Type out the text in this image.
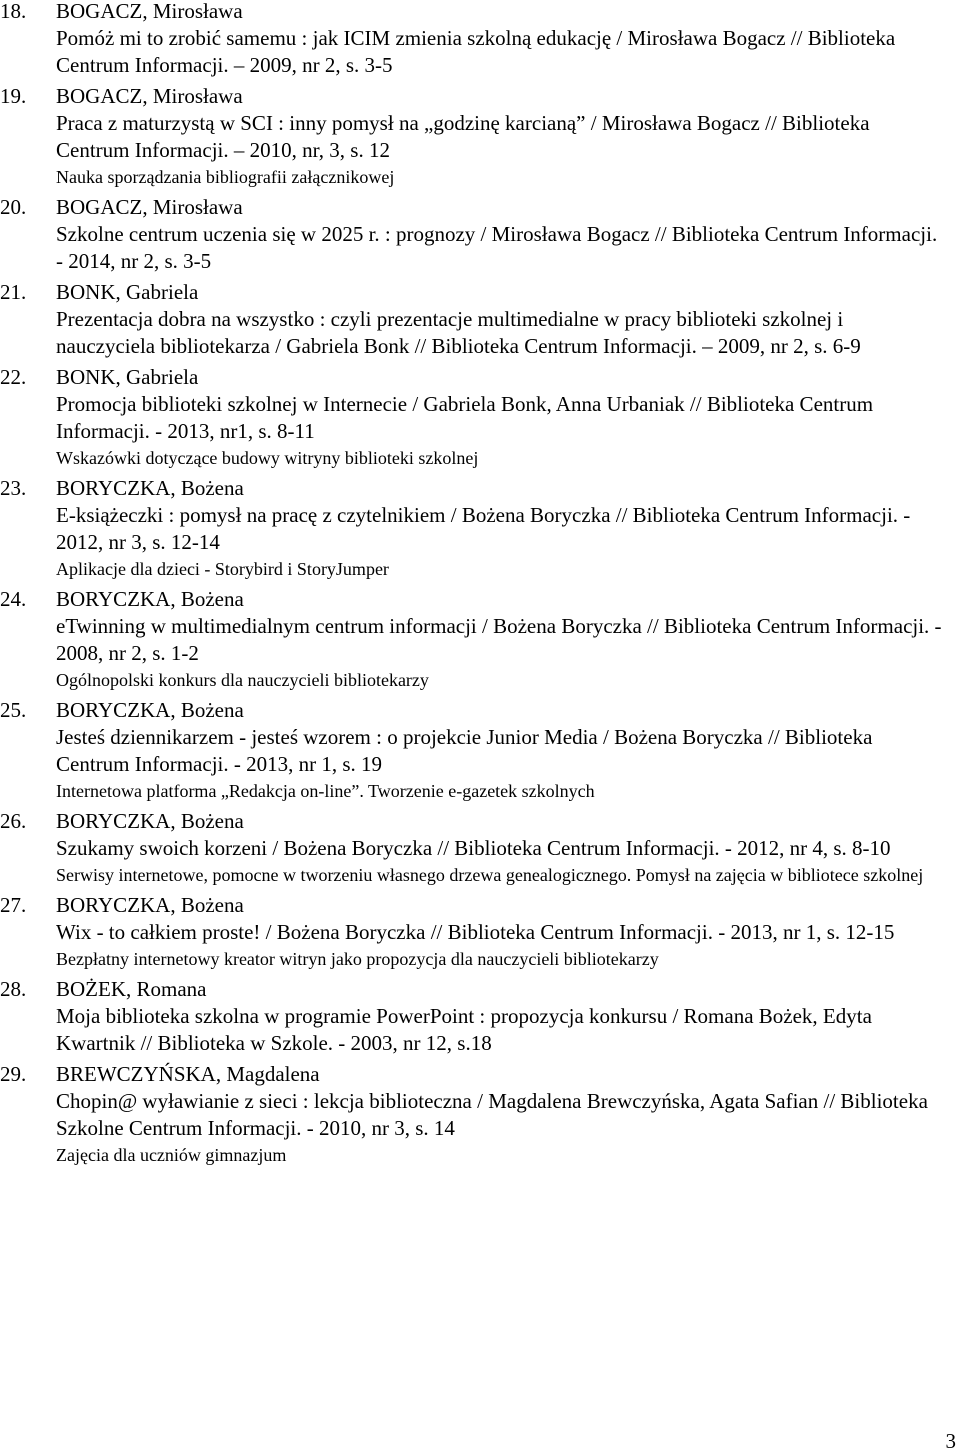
18.	BOGACZ, Mirosława
Pomóż mi to zrobić samemu : jak ICIM zmienia szkolną edukację / Mirosława Bogacz // Biblioteka Centrum Informacji. – 2009, nr 2, s. 3-5
19.	BOGACZ, Mirosława
Praca z maturzystą w SCI : inny pomysł na „godzinę karcianą” / Mirosława Bogacz // Biblioteka Centrum Informacji. – 2010, nr, 3, s. 12
Nauka sporządzania bibliografii załącznikowej
20.	BOGACZ, Mirosława
Szkolne centrum uczenia się w 2025 r. : prognozy / Mirosława Bogacz // Biblioteka Centrum Informacji. - 2014, nr 2, s. 3-5
21.	BONK, Gabriela
Prezentacja dobra na wszystko : czyli prezentacje multimedialne w pracy biblioteki szkolnej i nauczyciela bibliotekarza / Gabriela Bonk // Biblioteka Centrum Informacji. – 2009, nr 2, s. 6-9
22.	BONK, Gabriela
Promocja biblioteki szkolnej w Internecie / Gabriela Bonk, Anna Urbaniak // Biblioteka Centrum Informacji. - 2013, nr1, s. 8-11
Wskazówki dotyczące budowy witryny biblioteki szkolnej
23.	BORYCZKA, Bożena
E-książeczki : pomysł na pracę z czytelnikiem / Bożena Boryczka // Biblioteka Centrum Informacji. - 2012, nr 3, s. 12-14
Aplikacje dla dzieci - Storybird i StoryJumper
24.	BORYCZKA, Bożena
eTwinning w multimedialnym centrum informacji / Bożena Boryczka // Biblioteka Centrum Informacji. - 2008, nr 2, s. 1-2
Ogólnopolski konkurs dla nauczycieli bibliotekarzy
25.	BORYCZKA, Bożena
Jesteś dziennikarzem - jesteś wzorem : o projekcie Junior Media / Bożena Boryczka // Biblioteka Centrum Informacji. - 2013, nr 1, s. 19
Internetowa platforma „Redakcja on-line”. Tworzenie e-gazetek szkolnych
26.	BORYCZKA, Bożena
Szukamy swoich korzeni / Bożena Boryczka // Biblioteka Centrum Informacji. - 2012, nr 4, s. 8-10
Serwisy internetowe, pomocne w tworzeniu własnego drzewa genealogicznego. Pomysł na zajęcia w bibliotece szkolnej
27.	BORYCZKA, Bożena
Wix - to całkiem proste! / Bożena Boryczka // Biblioteka Centrum Informacji. - 2013, nr 1, s. 12-15
Bezpłatny internetowy kreator witryn jako propozycja dla nauczycieli bibliotekarzy
28.	BOŻEK, Romana
Moja biblioteka szkolna w programie PowerPoint : propozycja konkursu / Romana Bożek, Edyta Kwartnik // Biblioteka w Szkole. - 2003, nr 12, s.18
29.	BREWCZYŃSKA, Magdalena
Chopin@ wyławianie z sieci : lekcja biblioteczna / Magdalena Brewczyńska, Agata Safian // Biblioteka Szkolne Centrum Informacji. - 2010, nr 3, s. 14
Zajęcia dla uczniów gimnazjum
3
